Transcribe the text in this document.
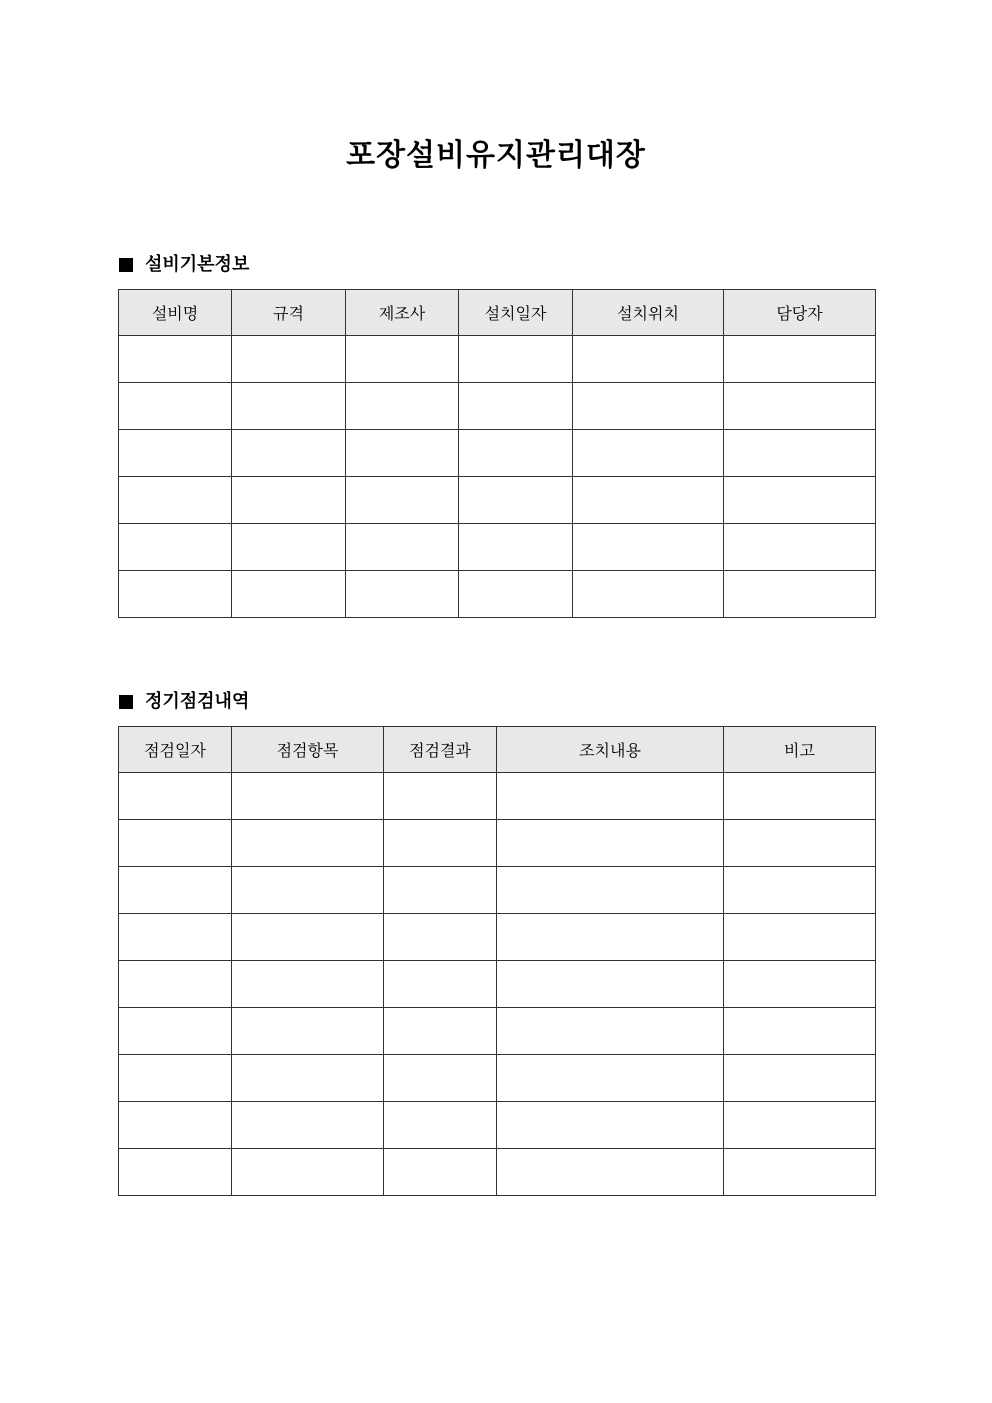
포장설비유지관리대장
설비기본정보
설비명	규격	제조사	설치일자	설치위치	담당자

정기점검내역
점검일자	점검항목	점검결과	조치내용	비고
